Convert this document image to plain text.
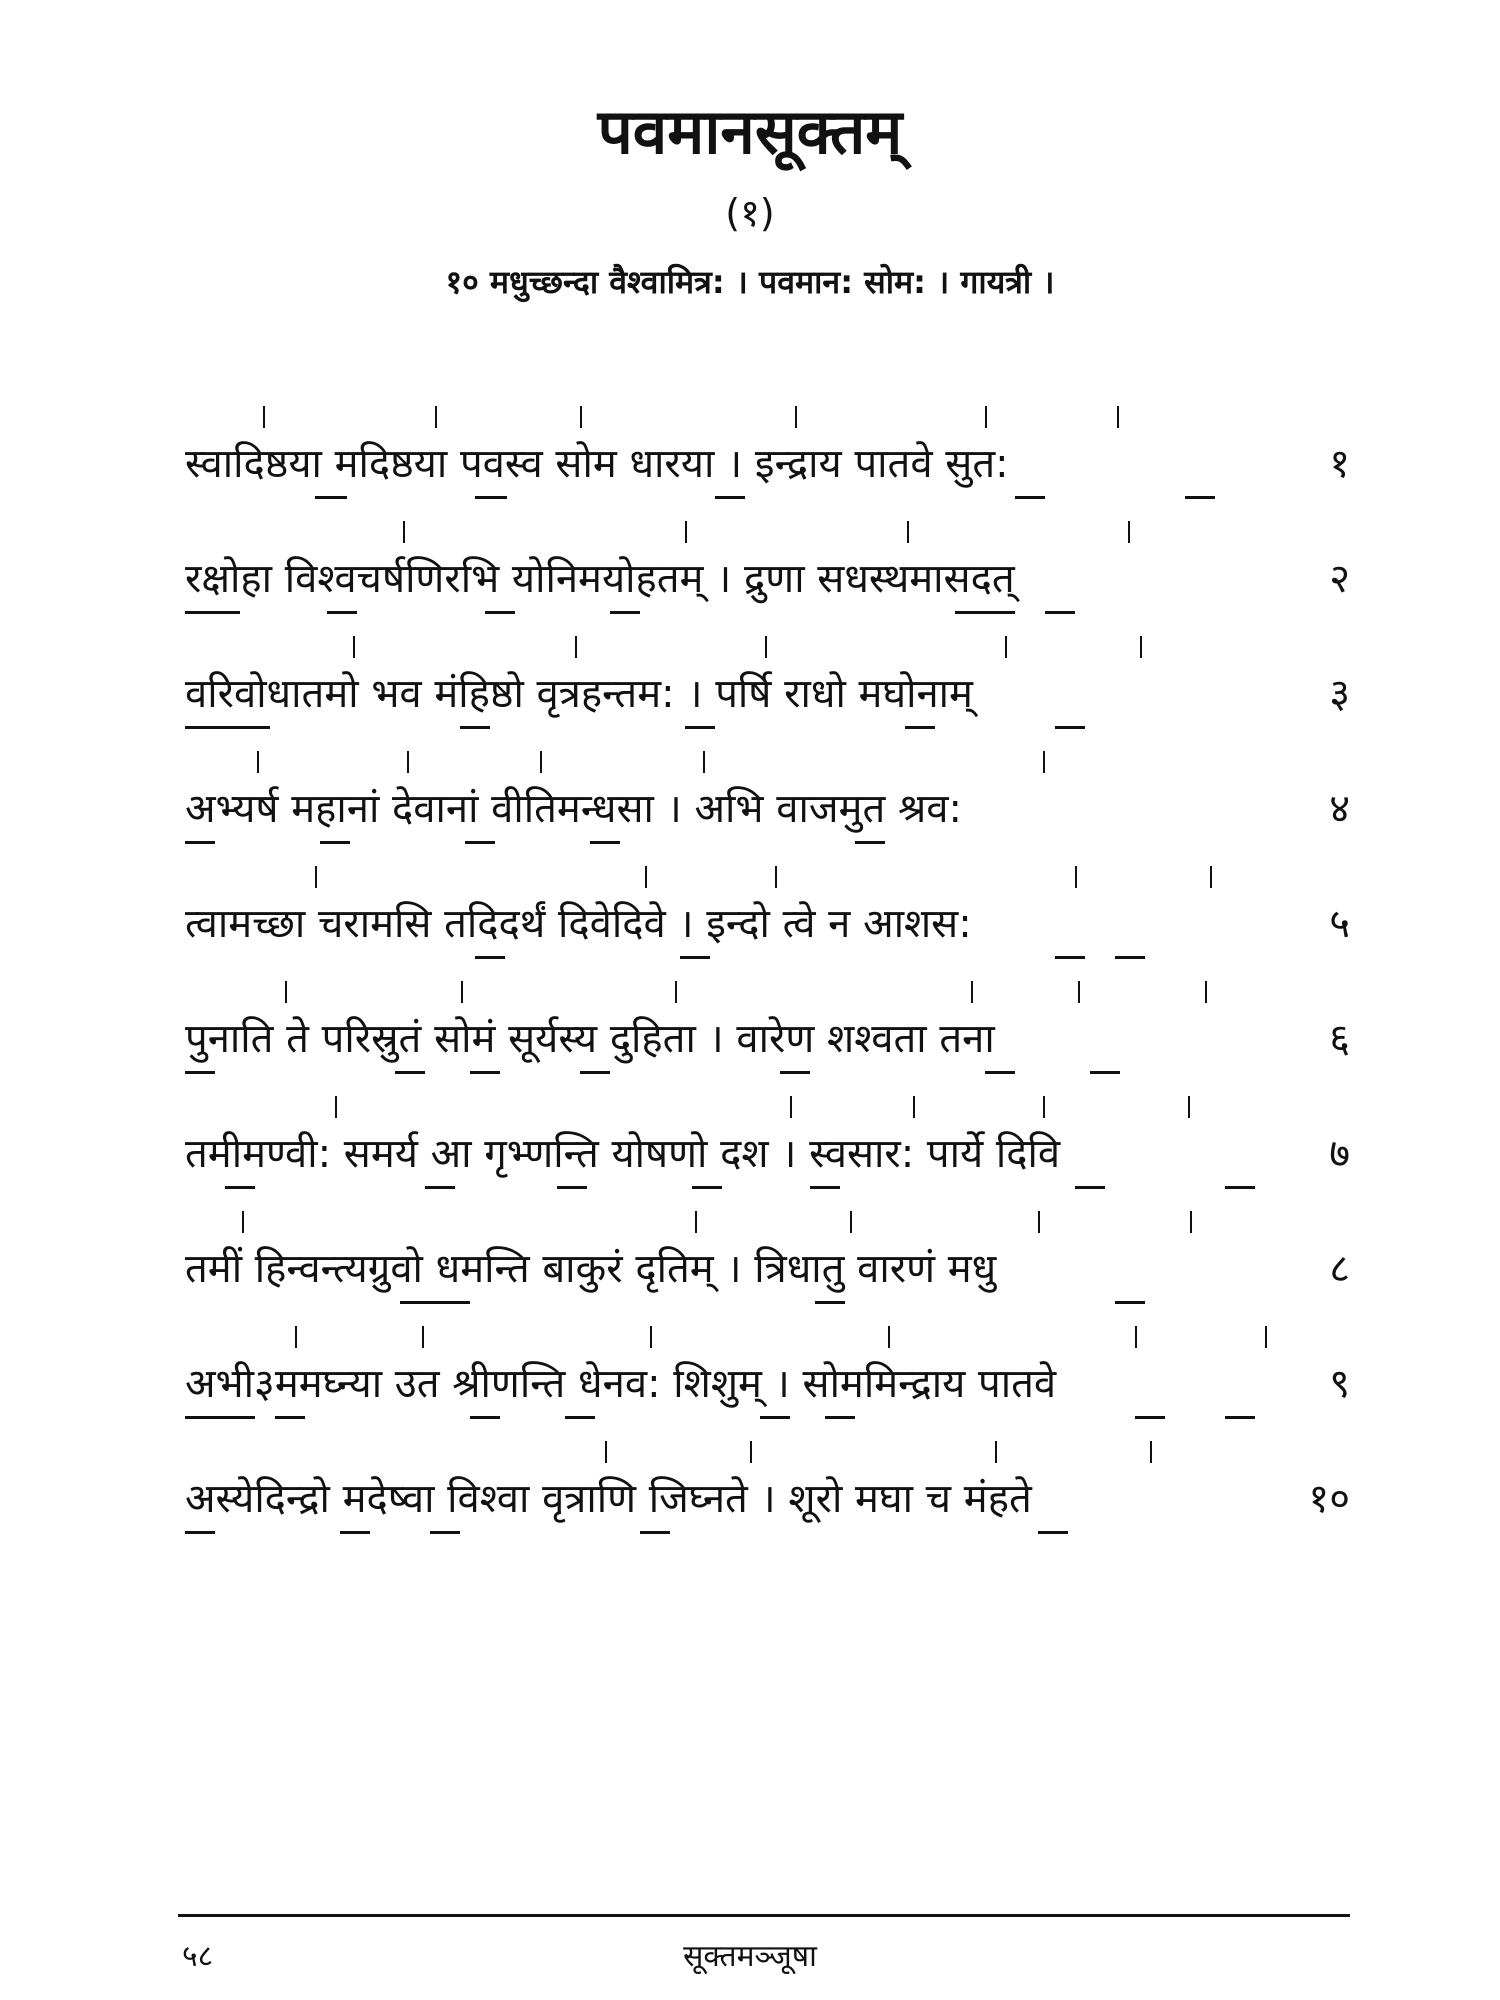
पवमानसूक्तम्
(१)
१० मधुच्छन्दा वैश्वामित्र: । पवमान: सोम: । गायत्री ।
स्वादिष्ठया मदिष्ठया पवस्व सोम धारया । इन्द्राय पातवे सुत:	१
रक्षोहा विश्वचर्षणिरभि योनिमयोहतम् । द्रुणा सधस्थमासदत्	२
वरिवोधातमो भव मंहिष्ठो वृत्रहन्तम: । पर्षि राधो मघोनाम्	३
अभ्यर्ष महानां देवानां वीतिमन्धसा । अभि वाजमुत श्रव:	४
त्वामच्छा चरामसि तदिदर्थं दिवेदिवे । इन्दो त्वे न आशस:	५
पुनाति ते परिस्रुतं सोमं सूर्यस्य दुहिता । वारेण शश्वता तना	६
तमीमण्वी: समर्य आ गृभ्णन्ति योषणो दश । स्वसार: पार्ये दिवि	७
तमीं हिन्वन्त्यग्रुवो धमन्ति बाकुरं दृतिम् । त्रिधातु वारणं मधु	८
अभी३ममघ्न्या उत श्रीणन्ति धेनव: शिशुम् । सोममिन्द्राय पातवे	९
अस्येदिन्द्रो मदेष्वा विश्वा वृत्राणि जिघ्नते । शूरो मघा च मंहते	१०
५८	सूक्तमञ्जूषा
